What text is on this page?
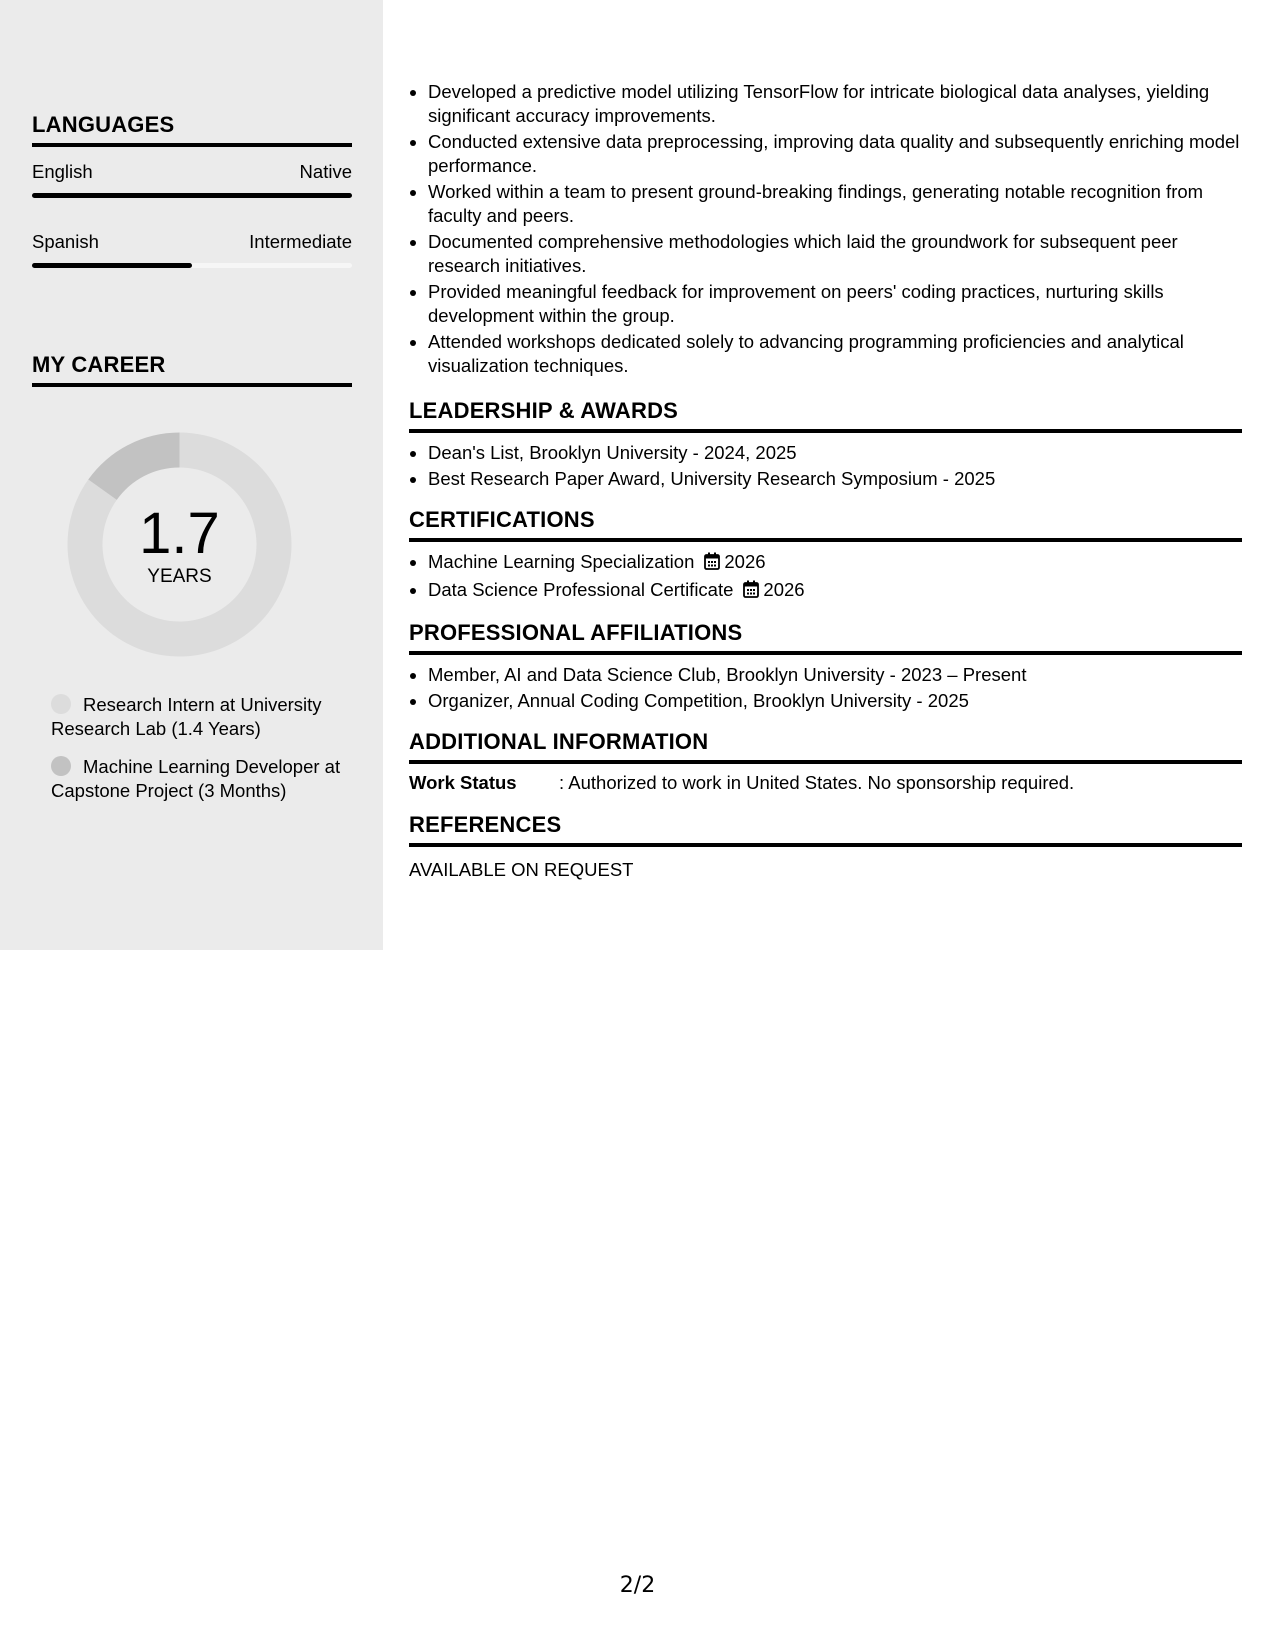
LANGUAGES
English	Native
Spanish	Intermediate
MY CAREER
1.7
YEARS
Research Intern at University Research Lab (1.4 Years)
Machine Learning Developer at Capstone Project (3 Months)
• Developed a predictive model utilizing TensorFlow for intricate biological data analyses, yielding significant accuracy improvements.
• Conducted extensive data preprocessing, improving data quality and subsequently enriching model performance.
• Worked within a team to present ground-breaking findings, generating notable recognition from faculty and peers.
• Documented comprehensive methodologies which laid the groundwork for subsequent peer research initiatives.
• Provided meaningful feedback for improvement on peers' coding practices, nurturing skills development within the group.
• Attended workshops dedicated solely to advancing programming proficiencies and analytical visualization techniques.
LEADERSHIP & AWARDS
• Dean's List, Brooklyn University - 2024, 2025
• Best Research Paper Award, University Research Symposium - 2025
CERTIFICATIONS
• Machine Learning Specialization 2026
• Data Science Professional Certificate 2026
PROFESSIONAL AFFILIATIONS
• Member, AI and Data Science Club, Brooklyn University - 2023 – Present
• Organizer, Annual Coding Competition, Brooklyn University - 2025
ADDITIONAL INFORMATION
Work Status	: Authorized to work in United States. No sponsorship required.
REFERENCES
AVAILABLE ON REQUEST
2/2
